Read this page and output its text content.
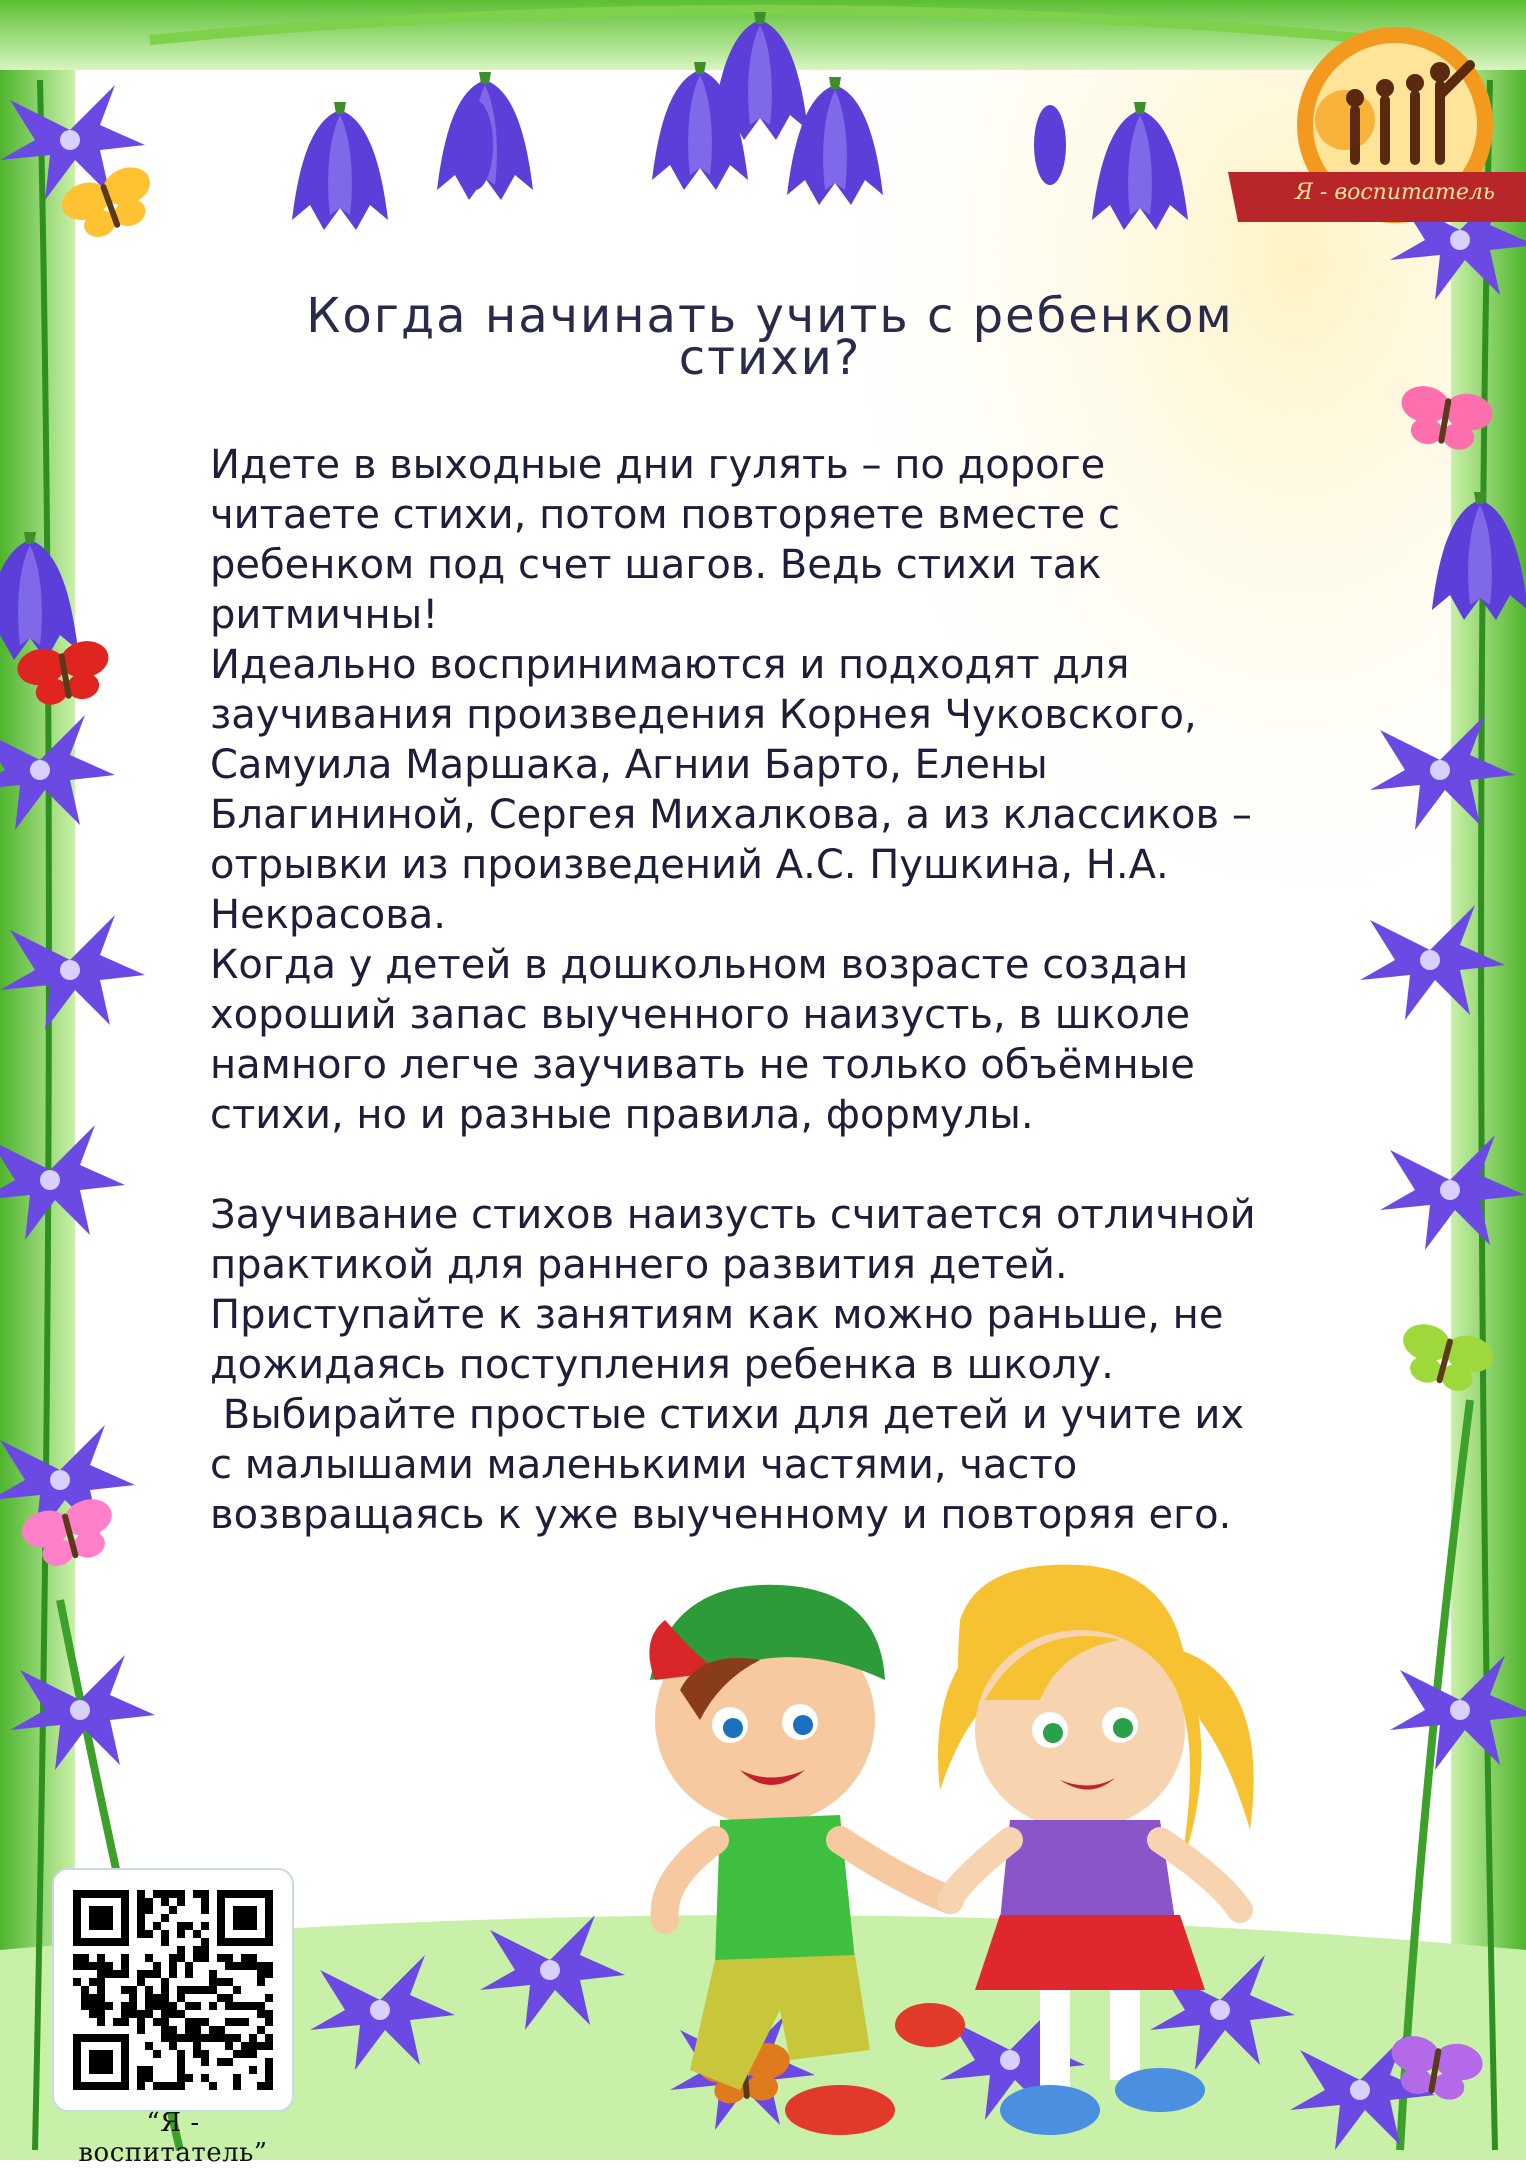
Я - воспитатель
Когда начинать учить с ребенком
стихи?

Идете в выходные дни гулять – по дороге

читаете стихи, потом повторяете вместе с

ребенком под счет шагов. Ведь стихи так

ритмичны!

Идеально воспринимаются и подходят для

заучивания произведения Корнея Чуковского,

Самуила Маршака, Агнии Барто, Елены

Благининой, Сергея Михалкова, а из классиков –

отрывки из произведений А.С. Пушкина, Н.А.

Некрасова.

Когда у детей в дошкольном возрасте создан

хороший запас выученного наизусть, в школе

намного легче заучивать не только объёмные

стихи, но и разные правила, формулы.

Заучивание стихов наизусть считается отличной

практикой для раннего развития детей.

Приступайте к занятиям как можно раньше, не

дожидаясь поступления ребенка в школу.

Выбирайте простые стихи для детей и учите их

с малышами маленькими частями, часто

возвращаясь к уже выученному и повторяя его.

“Я - воспитатель”
